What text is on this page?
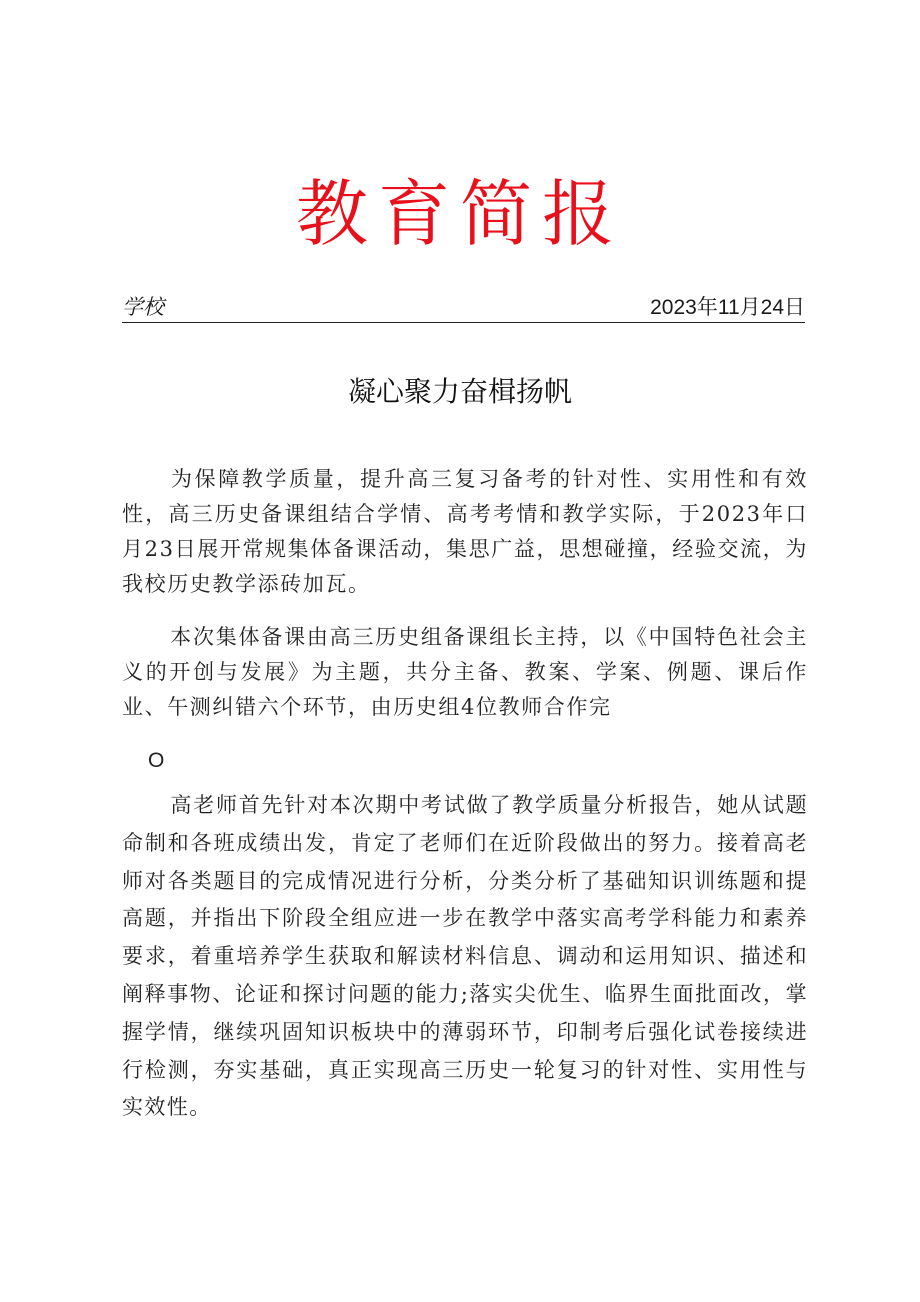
教育简报
学校	2023年11月24日
凝心聚力奋楫扬帆

为保障教学质量，提升高三复习备考的针对性、实用性和有效性，高三历史备课组结合学情、高考考情和教学实际，于2023年口月23日展开常规集体备课活动，集思广益，思想碰撞，经验交流，为我校历史教学添砖加瓦。

本次集体备课由高三历史组备课组长主持，以《中国特色社会主义的开创与发展》为主题，共分主备、教案、学案、例题、课后作业、午测纠错六个环节，由历史组4位教师合作完

O

高老师首先针对本次期中考试做了教学质量分析报告，她从试题命制和各班成绩出发，肯定了老师们在近阶段做出的努力。接着高老师对各类题目的完成情况进行分析，分类分析了基础知识训练题和提高题，并指出下阶段全组应进一步在教学中落实高考学科能力和素养要求，着重培养学生获取和解读材料信息、调动和运用知识、描述和阐释事物、论证和探讨问题的能力;落实尖优生、临界生面批面改，掌握学情，继续巩固知识板块中的薄弱环节，印制考后强化试卷接续进行检测，夯实基础，真正实现高三历史一轮复习的针对性、实用性与实效性。
